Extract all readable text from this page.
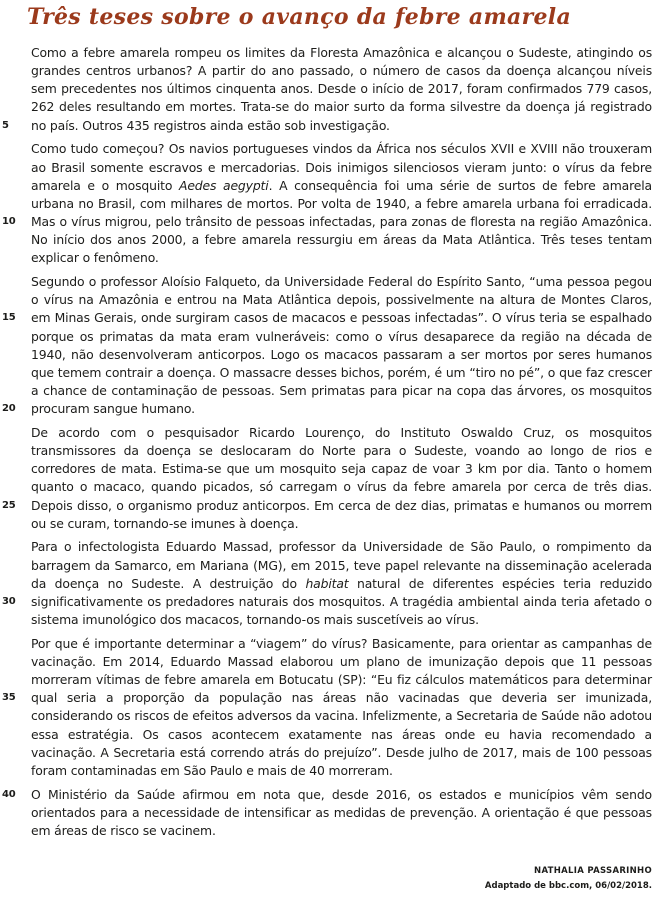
Três teses sobre o avanço da febre amarela
5
Como a febre amarela rompeu os limites da Floresta Amazônica e alcançou o Sudeste, atingindo os grandes centros urbanos? A partir do ano passado, o número de casos da doença alcançou níveis sem precedentes nos últimos cinquenta anos. Desde o início de 2017, foram confirmados 779 casos, 262 deles resultando em mortes. Trata-se do maior surto da forma silvestre da doença já registrado no país. Outros 435 registros ainda estão sob investigação.
10
Como tudo começou? Os navios portugueses vindos da África nos séculos XVII e XVIII não trouxeram ao Brasil somente escravos e mercadorias. Dois inimigos silenciosos vieram junto: o vírus da febre amarela e o mosquito Aedes aegypti. A consequência foi uma série de surtos de febre amarela urbana no Brasil, com milhares de mortos. Por volta de 1940, a febre amarela urbana foi erradicada. Mas o vírus migrou, pelo trânsito de pessoas infectadas, para zonas de floresta na região Amazônica. No início dos anos 2000, a febre amarela ressurgiu em áreas da Mata Atlântica. Três teses tentam explicar o fenômeno.
15
20
Segundo o professor Aloísio Falqueto, da Universidade Federal do Espírito Santo, “uma pessoa pegou o vírus na Amazônia e entrou na Mata Atlântica depois, possivelmente na altura de Montes Claros, em Minas Gerais, onde surgiram casos de macacos e pessoas infectadas”. O vírus teria se espalhado porque os primatas da mata eram vulneráveis: como o vírus desaparece da região na década de 1940, não desenvolveram anticorpos. Logo os macacos passaram a ser mortos por seres humanos que temem contrair a doença. O massacre desses bichos, porém, é um “tiro no pé”, o que faz crescer a chance de contaminação de pessoas. Sem primatas para picar na copa das árvores, os mosquitos procuram sangue humano.
25
De acordo com o pesquisador Ricardo Lourenço, do Instituto Oswaldo Cruz, os mosquitos transmissores da doença se deslocaram do Norte para o Sudeste, voando ao longo de rios e corredores de mata. Estima-se que um mosquito seja capaz de voar 3 km por dia. Tanto o homem quanto o macaco, quando picados, só carregam o vírus da febre amarela por cerca de três dias. Depois disso, o organismo produz anticorpos. Em cerca de dez dias, primatas e humanos ou morrem ou se curam, tornando-se imunes à doença.
30
Para o infectologista Eduardo Massad, professor da Universidade de São Paulo, o rompimento da barragem da Samarco, em Mariana (MG), em 2015, teve papel relevante na disseminação acelerada da doença no Sudeste. A destruição do habitat natural de diferentes espécies teria reduzido significativamente os predadores naturais dos mosquitos. A tragédia ambiental ainda teria afetado o sistema imunológico dos macacos, tornando-os mais suscetíveis ao vírus.
35
Por que é importante determinar a “viagem” do vírus? Basicamente, para orientar as campanhas de vacinação. Em 2014, Eduardo Massad elaborou um plano de imunização depois que 11 pessoas morreram vítimas de febre amarela em Botucatu (SP): “Eu fiz cálculos matemáticos para determinar qual seria a proporção da população nas áreas não vacinadas que deveria ser imunizada, considerando os riscos de efeitos adversos da vacina. Infelizmente, a Secretaria de Saúde não adotou essa estratégia. Os casos acontecem exatamente nas áreas onde eu havia recomendado a vacinação. A Secretaria está correndo atrás do prejuízo”. Desde julho de 2017, mais de 100 pessoas foram contaminadas em São Paulo e mais de 40 morreram.
40 O Ministério da Saúde afirmou em nota que, desde 2016, os estados e municípios vêm sendo orientados para a necessidade de intensificar as medidas de prevenção. A orientação é que pessoas em áreas de risco se vacinem.
NATHALIA PASSARINHO
Adaptado de bbc.com, 06/02/2018.
